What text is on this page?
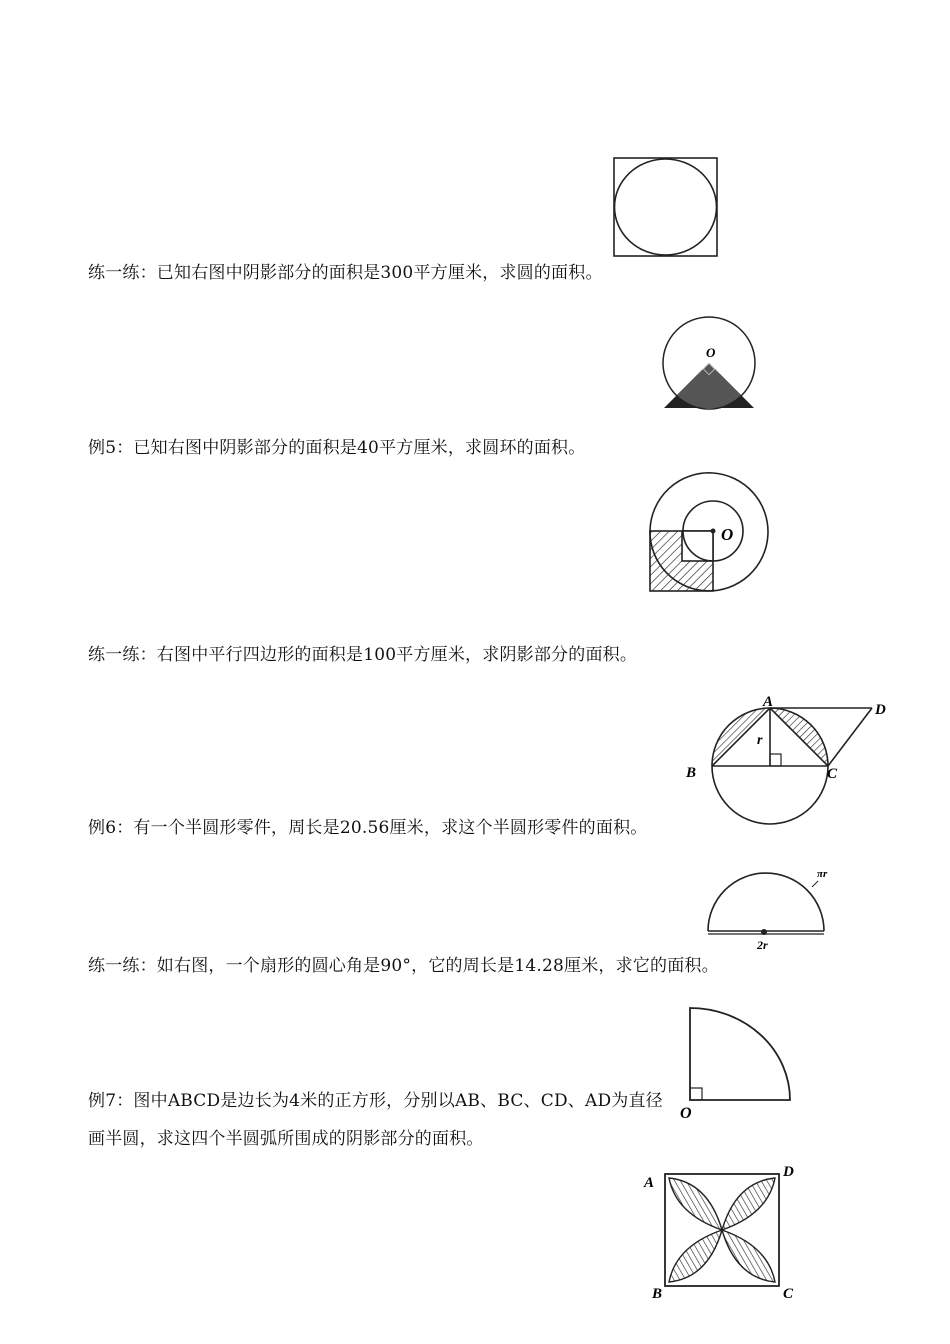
练一练：已知右图中阴影部分的面积是300平方厘米，求圆的面积。
O
例5：已知右图中阴影部分的面积是40平方厘米，求圆环的面积。
O
练一练：右图中平行四边形的面积是100平方厘米，求阴影部分的面积。
A
B	C
D
r
例6：有一个半圆形零件，周长是20.56厘米，求这个半圆形零件的面积。
πr
2r
练一练：如右图，一个扇形的圆心角是90°，它的周长是14.28厘米，求它的面积。
O
例7：图中ABCD是边长为4米的正方形，分别以AB、BC、CD、AD为直径
画半圆，求这四个半圆弧所围成的阴影部分的面积。
A
D
B	C
